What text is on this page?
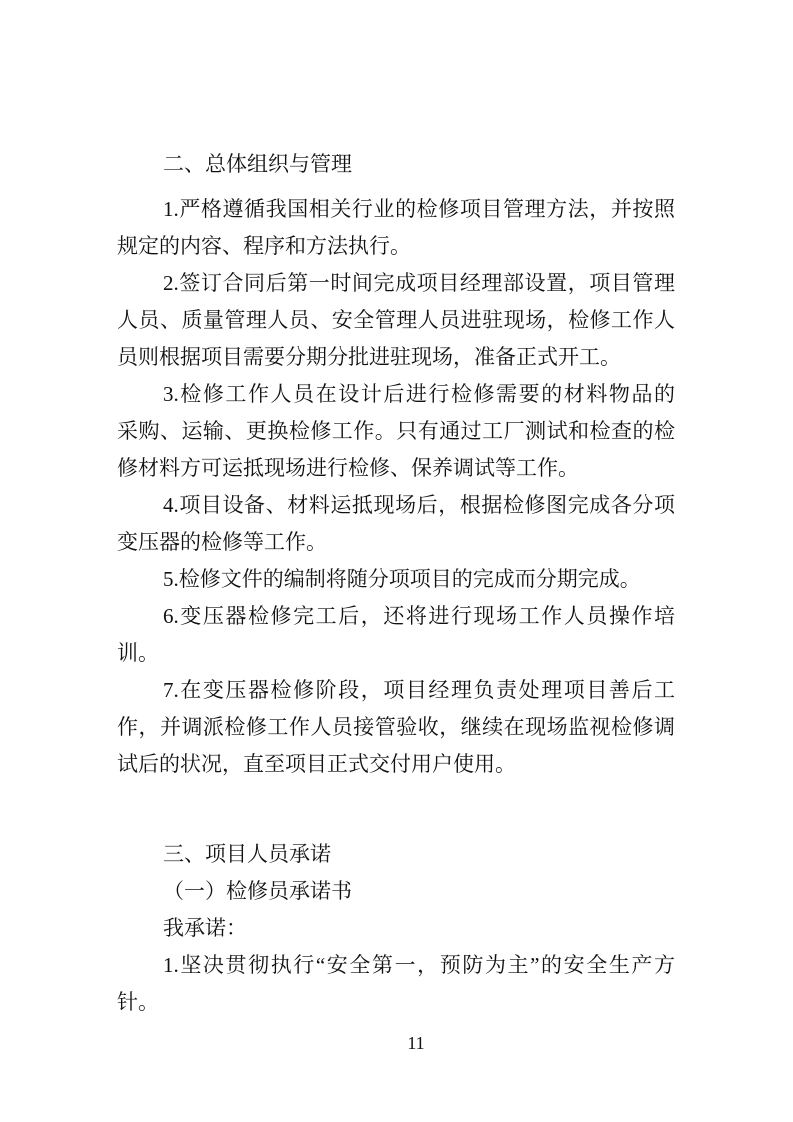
二、总体组织与管理
1.严格遵循我国相关行业的检修项目管理方法，并按照
规定的内容、程序和方法执行。
2.签订合同后第一时间完成项目经理部设置，项目管理
人员、质量管理人员、安全管理人员进驻现场，检修工作人
员则根据项目需要分期分批进驻现场，准备正式开工。
3.检修工作人员在设计后进行检修需要的材料物品的
采购、运输、更换检修工作。只有通过工厂测试和检查的检
修材料方可运抵现场进行检修、保养调试等工作。
4.项目设备、材料运抵现场后，根据检修图完成各分项
变压器的检修等工作。
5.检修文件的编制将随分项项目的完成而分期完成。
6.变压器检修完工后，还将进行现场工作人员操作培
训。
7.在变压器检修阶段，项目经理负责处理项目善后工
作，并调派检修工作人员接管验收，继续在现场监视检修调
试后的状况，直至项目正式交付用户使用。
三、项目人员承诺
（一）检修员承诺书
我承诺：
1.坚决贯彻执行“安全第一，预防为主”的安全生产方
针。
11
